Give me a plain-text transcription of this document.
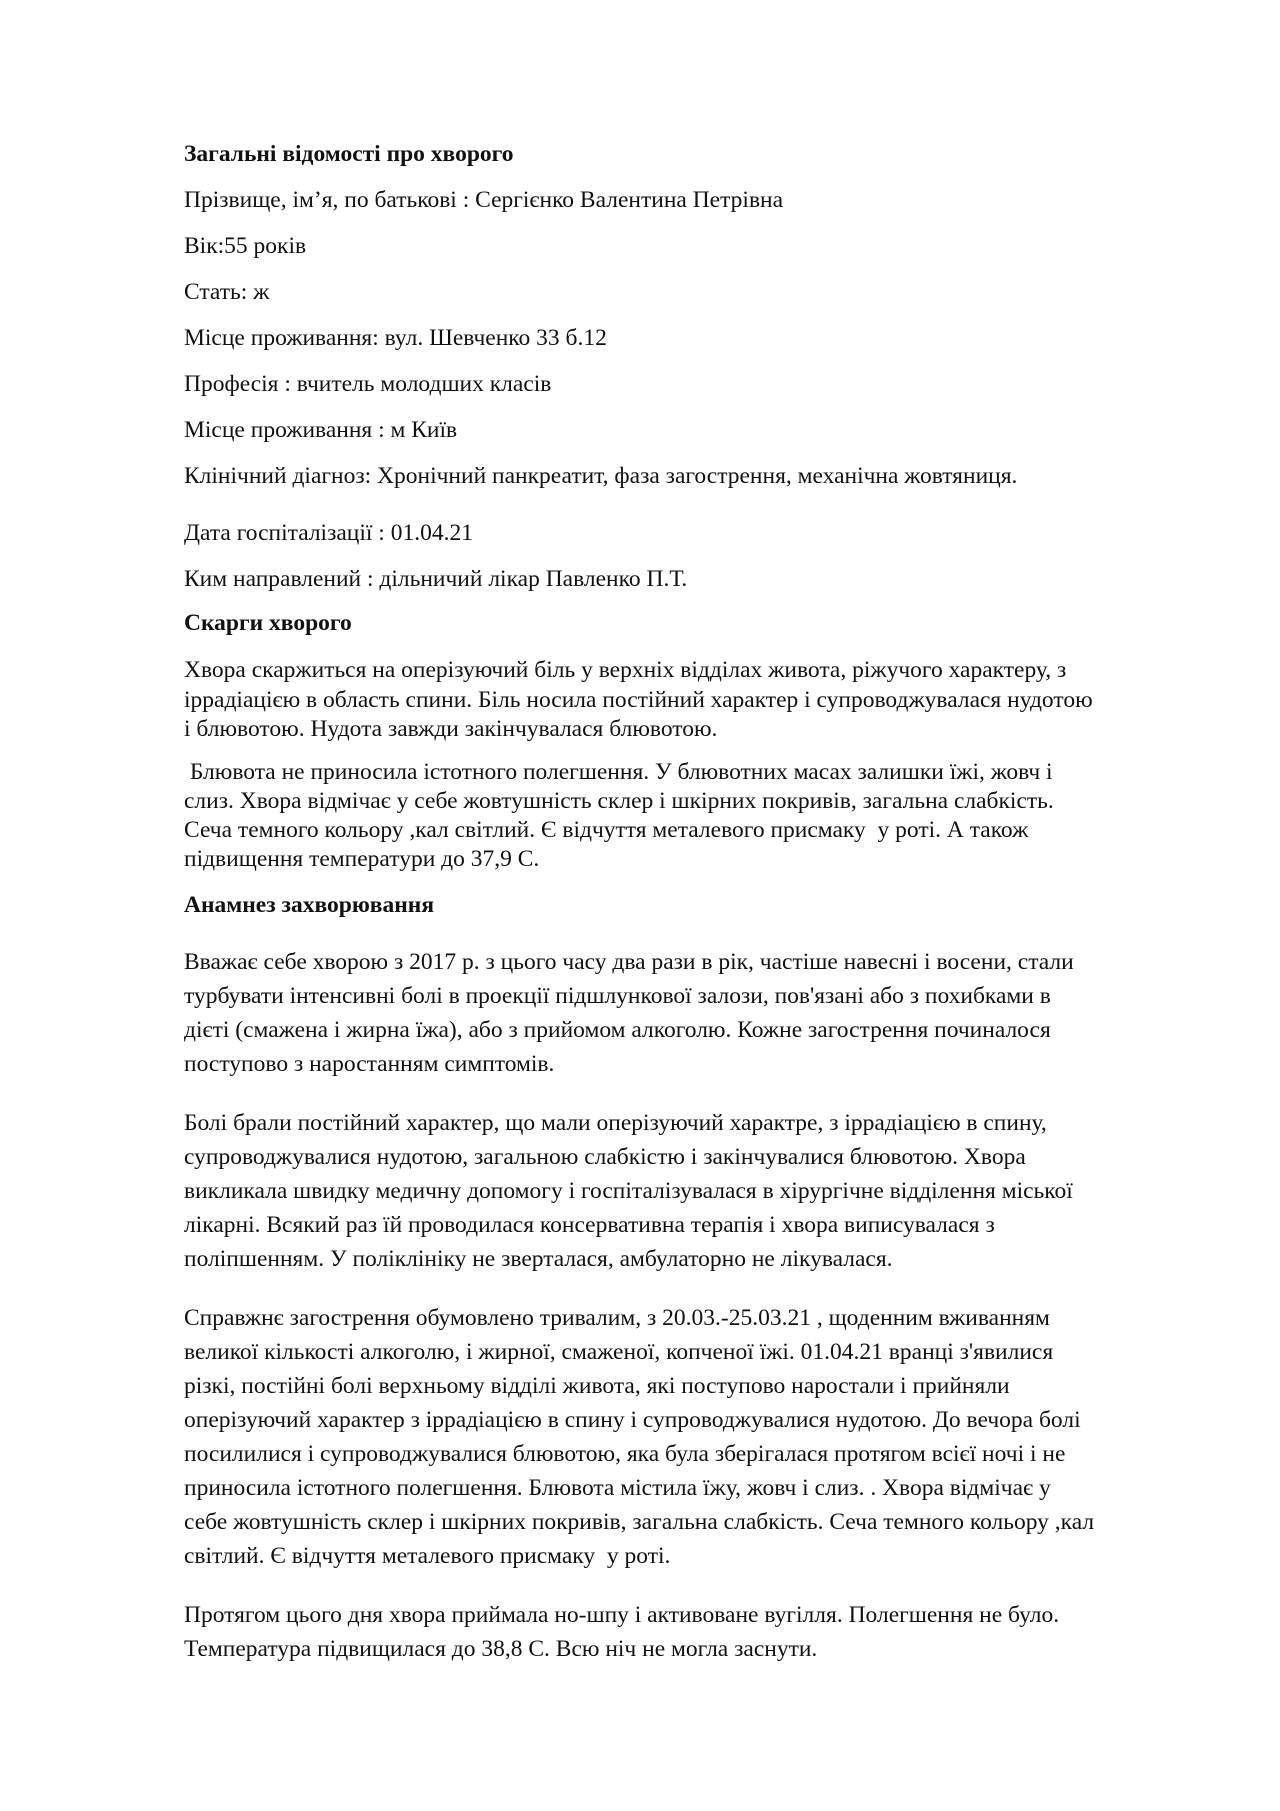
Загальні відомості про хворого

Прізвище, ім’я, по батькові : Сергієнко Валентина Петрівна

Вік:55 років

Стать: ж

Місце проживання: вул. Шевченко 33 б.12

Професія : вчитель молодших класів

Місце проживання : м Київ

Клінічний діагноз: Хронічний панкреатит, фаза загострення, механічна жовтяниця.

Дата госпіталізації : 01.04.21

Ким направлений : дільничий лікар Павленко П.Т.

Скарги хворого

Хвора скаржиться на оперізуючий біль у верхніх відділах живота, ріжучого характеру, з

іррадіацією в область спини. Біль носила постійний характер і супроводжувалася нудотою

і блювотою. Нудота завжди закінчувалася блювотою.

Блювота не приносила істотного полегшення. У блювотних масах залишки їжі, жовч і

слиз. Хвора відмічає у себе жовтушність склер і шкірних покривів, загальна слабкість.

Сеча темного кольору ,кал світлий. Є відчуття металевого присмаку  у роті. А також

підвищення температури до 37,9 С.

Анамнез захворювання

Вважає себе хворою з 2017 р. з цього часу два рази в рік, частіше навесні і восени, стали

турбувати інтенсивні болі в проекції підшлункової залози, пов'язані або з похибками в

дієті (смажена і жирна їжа), або з прийомом алкоголю. Кожне загострення починалося

поступово з наростанням симптомів.

Болі брали постійний характер, що мали оперізуючий характре, з іррадіацією в спину,

супроводжувалися нудотою, загальною слабкістю і закінчувалися блювотою. Хвора

викликала швидку медичну допомогу і госпіталізувалася в хірургічне відділення міської

лікарні. Всякий раз їй проводилася консервативна терапія і хвора виписувалася з

поліпшенням. У поліклініку не зверталася, амбулаторно не лікувалася.

Справжнє загострення обумовлено тривалим, з 20.03.-25.03.21 , щоденним вживанням

великої кількості алкоголю, і жирної, смаженої, копченої їжі. 01.04.21 вранці з'явилися

різкі, постійні болі верхньому відділі живота, які поступово наростали і прийняли

оперізуючий характер з іррадіацією в спину і супроводжувалися нудотою. До вечора болі

посилилися і супроводжувалися блювотою, яка була зберігалася протягом всієї ночі і не

приносила істотного полегшення. Блювота містила їжу, жовч і слиз. . Хвора відмічає у

себе жовтушність склер і шкірних покривів, загальна слабкість. Сеча темного кольору ,кал

світлий. Є відчуття металевого присмаку  у роті.

Протягом цього дня хвора приймала но-шпу і активоване вугілля. Полегшення не було.

Температура підвищилася до 38,8 С. Всю ніч не могла заснути.
